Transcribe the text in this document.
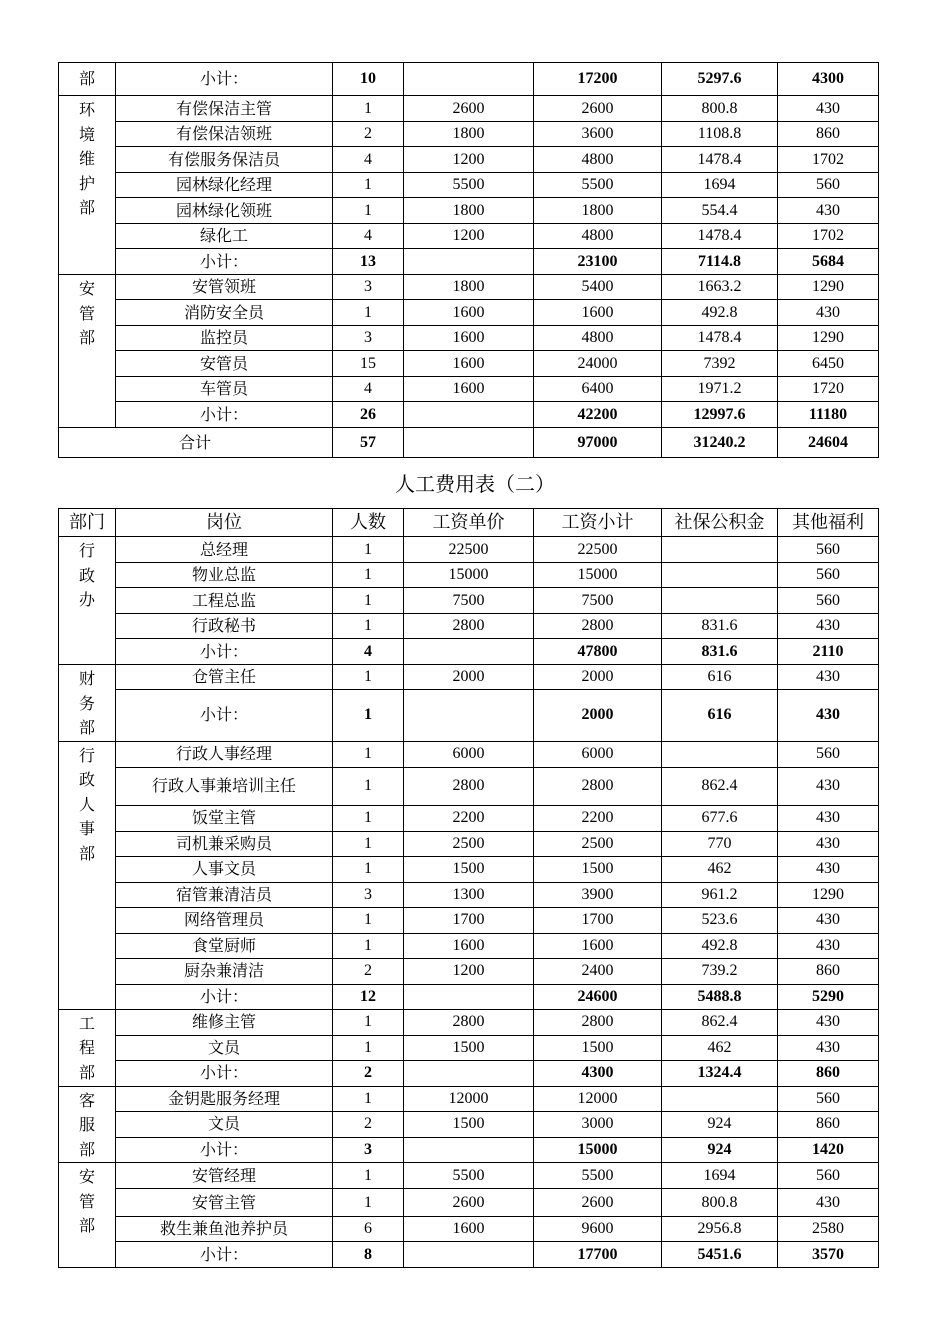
部	小计：	10		17200	5297.6	4300
环境维护部	有偿保洁主管	1	2600	2600	800.8	430
	有偿保洁领班	2	1800	3600	1108.8	860
	有偿服务保洁员	4	1200	4800	1478.4	1702
	园林绿化经理	1	5500	5500	1694	560
	园林绿化领班	1	1800	1800	554.4	430
	绿化工	4	1200	4800	1478.4	1702
	小计：	13		23100	7114.8	5684
安管部	安管领班	3	1800	5400	1663.2	1290
	消防安全员	1	1600	1600	492.8	430
	监控员	3	1600	4800	1478.4	1290
	安管员	15	1600	24000	7392	6450
	车管员	4	1600	6400	1971.2	1720
	小计：	26		42200	12997.6	11180
合计		57		97000	31240.2	24604
人工费用表（二）
部门	岗位	人数	工资单价	工资小计	社保公积金	其他福利
行政办	总经理	1	22500	22500		560
	物业总监	1	15000	15000		560
	工程总监	1	7500	7500		560
	行政秘书	1	2800	2800	831.6	430
	小计：	4		47800	831.6	2110
财务部	仓管主任	1	2000	2000	616	430
	小计：	1		2000	616	430
行政人事部	行政人事经理	1	6000	6000		560
	行政人事兼培训主任	1	2800	2800	862.4	430
	饭堂主管	1	2200	2200	677.6	430
	司机兼采购员	1	2500	2500	770	430
	人事文员	1	1500	1500	462	430
	宿管兼清洁员	3	1300	3900	961.2	1290
	网络管理员	1	1700	1700	523.6	430
	食堂厨师	1	1600	1600	492.8	430
	厨杂兼清洁	2	1200	2400	739.2	860
	小计：	12		24600	5488.8	5290
工程部	维修主管	1	2800	2800	862.4	430
	文员	1	1500	1500	462	430
	小计：	2		4300	1324.4	860
客服部	金钥匙服务经理	1	12000	12000		560
	文员	2	1500	3000	924	860
	小计：	3		15000	924	1420
安管部	安管经理	1	5500	5500	1694	560
	安管主管	1	2600	2600	800.8	430
	救生兼鱼池养护员	6	1600	9600	2956.8	2580
	小计：	8		17700	5451.6	3570
